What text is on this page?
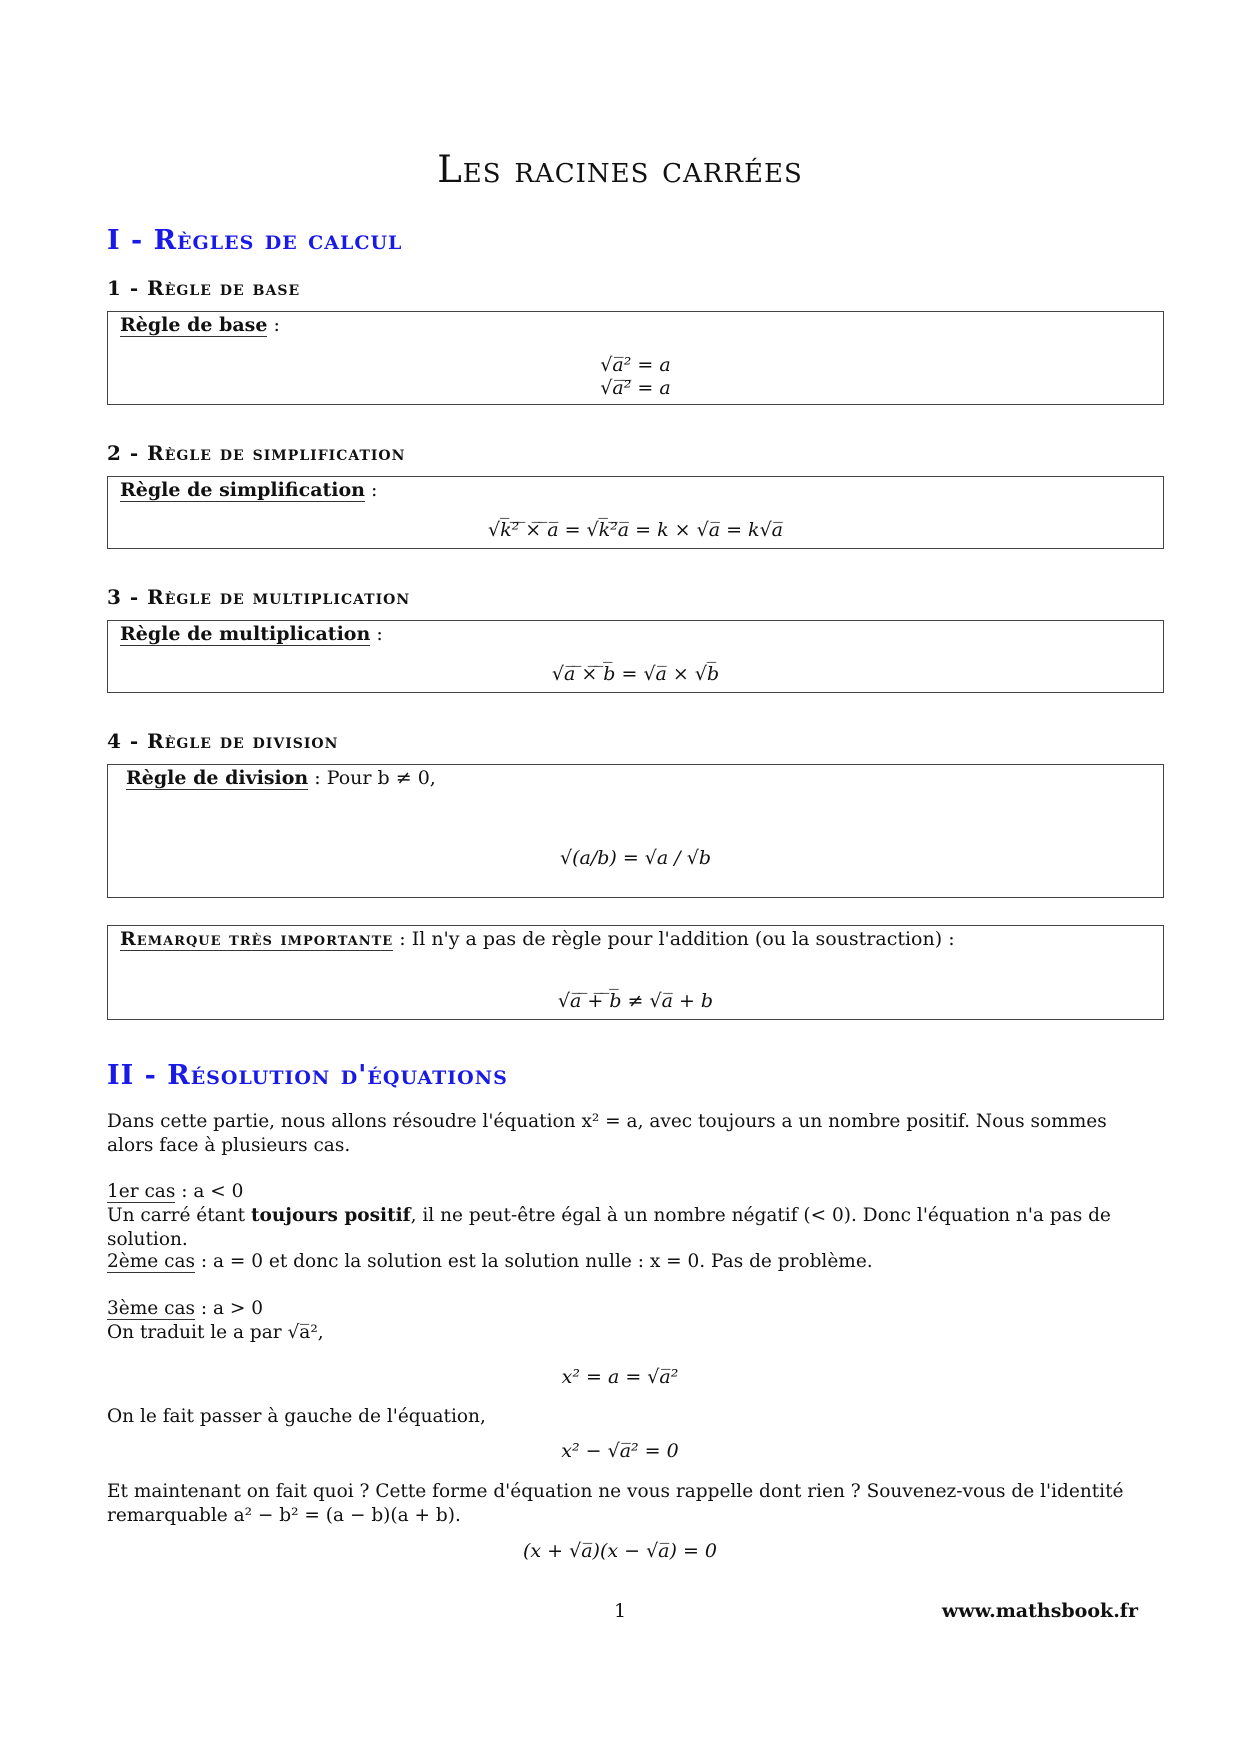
Les racines carrées
I - Règles de calcul
1 - Règle de base
Règle de base :
√a̅² = a
√a̅²̅ = a
2 - Règle de simplification
Règle de simplification :
√k̅²̅ ̅×̅ ̅a̅ = √k̅²̅a̅ = k × √a̅ = k√a̅
3 - Règle de multiplication
Règle de multiplication :
√a̅ ̅×̅ ̅b̅ = √a̅ × √b̅
4 - Règle de division
Règle de division : Pour b ≠ 0,
√(a/b) = √a / √b
Remarque très importante : Il n'y a pas de règle pour l'addition (ou la soustraction) :
√a̅ ̅+̅ ̅b̅ ≠ √a̅ + b
II - Résolution d'équations
Dans cette partie, nous allons résoudre l'équation x² = a, avec toujours a un nombre positif. Nous sommes alors face à plusieurs cas.
1er cas : a < 0
Un carré étant toujours positif, il ne peut-être égal à un nombre négatif (< 0). Donc l'équation n'a pas de solution.
2ème cas : a = 0 et donc la solution est la solution nulle : x = 0. Pas de problème.
3ème cas : a > 0
On traduit le a par √a̅²,
x² = a = √a̅²
On le fait passer à gauche de l'équation,
x² − √a̅² = 0
Et maintenant on fait quoi ? Cette forme d'équation ne vous rappelle dont rien ? Souvenez-vous de l'identité remarquable a² − b² = (a − b)(a + b).
(x + √a̅)(x − √a̅) = 0
1	www.mathsbook.fr
